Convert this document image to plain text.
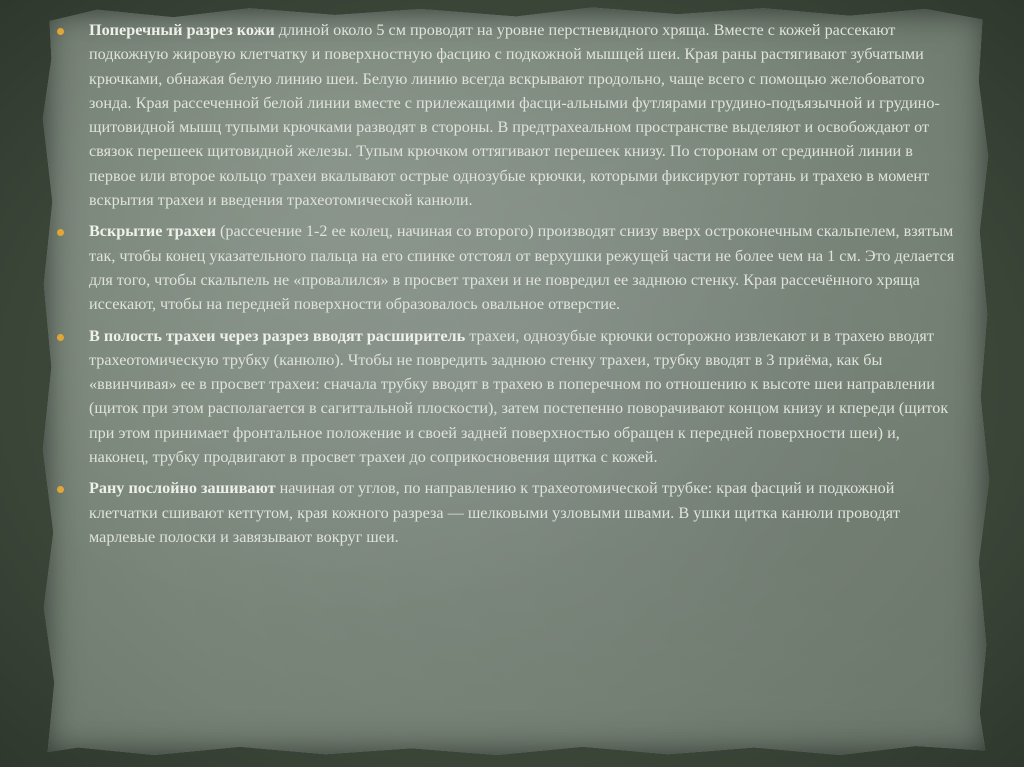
Поперечный разрез кожи длиной около 5 см проводят на уровне перстневидного хряща. Вместе с кожей рассекают подкожную жировую клетчатку и поверхностную фасцию с подкожной мышцей шеи. Края раны растягивают зубчатыми крючками, обнажая белую линию шеи. Белую линию всегда вскрывают продольно, чаще всего с помощью желобоватого зонда. Края рассеченной белой линии вместе с прилежащими фасци-альными футлярами грудино-подъязычной и грудино-щитовидной мышц тупыми крючками разводят в стороны. В предтрахеальном пространстве выделяют и освобождают от связок перешеек щитовидной железы. Тупым крючком оттягивают перешеек книзу. По сторонам от срединной линии в первое или второе кольцо трахеи вкалывают острые однозубые крючки, которыми фиксируют гортань и трахею в момент вскрытия трахеи и введения трахеотомической канюли.

Вскрытие трахеи (рассечение 1-2 ее колец, начиная со второго) производят снизу вверх остроконечным скальпелем, взятым так, чтобы конец указательного пальца на его спинке отстоял от верхушки режущей части не более чем на 1 см. Это делается для того, чтобы скальпель не «провалился» в просвет трахеи и не повредил ее заднюю стенку. Края рассечённого хряща иссекают, чтобы на передней поверхности образовалось овальное отверстие.

В полость трахеи через разрез вводят расширитель трахеи, однозубые крючки осторожно извлекают и в трахею вводят трахеотомическую трубку (канюлю). Чтобы не повредить заднюю стенку трахеи, трубку вводят в 3 приёма, как бы «ввинчивая» ее в просвет трахеи: сначала трубку вводят в трахею в поперечном по отношению к высоте шеи направлении (щиток при этом располагается в сагиттальной плоскости), затем постепенно поворачивают концом книзу и кпереди (щиток при этом принимает фронтальное положение и своей задней поверхностью обращен к передней поверхности шеи) и, наконец, трубку продвигают в просвет трахеи до соприкосновения щитка с кожей.

Рану послойно зашивают начиная от углов, по направлению к трахеотомической трубке: края фасций и подкожной клетчатки сшивают кетгутом, края кожного разреза — шелковыми узловыми швами. В ушки щитка канюли проводят марлевые полоски и завязывают вокруг шеи.
